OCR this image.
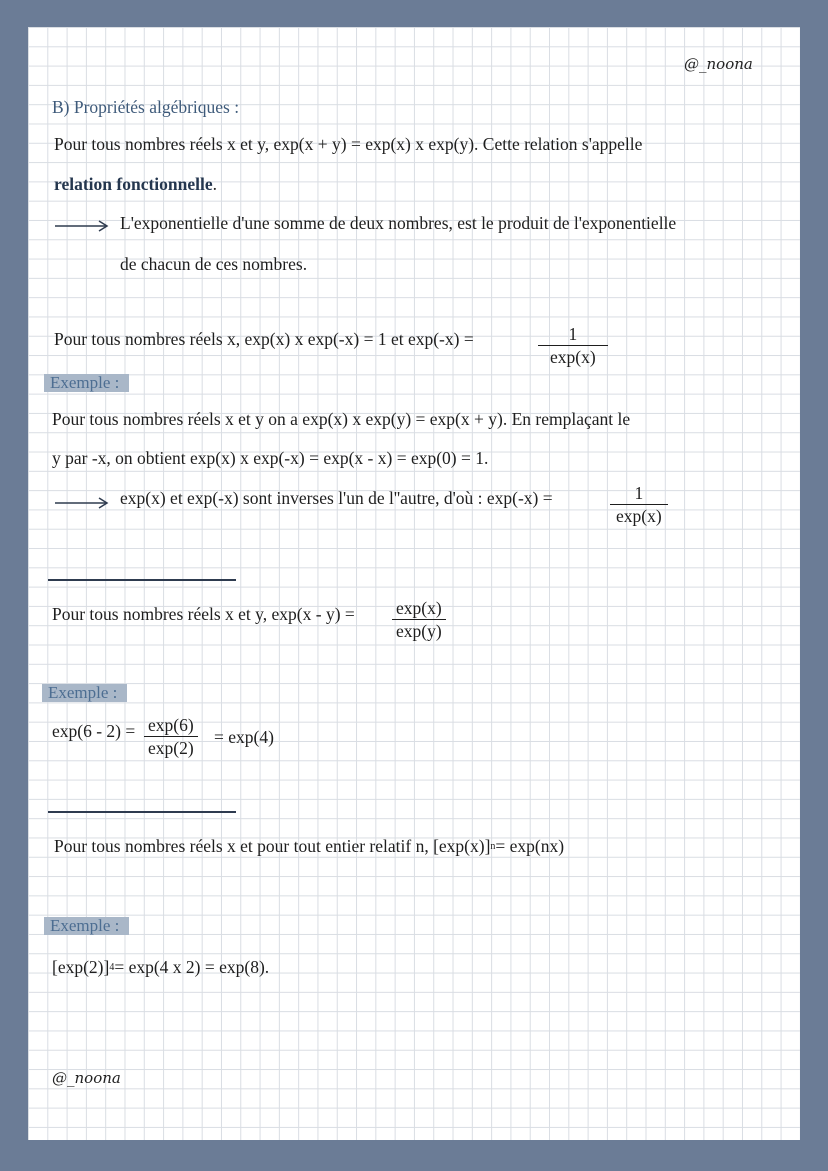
@_noona
B) Propriétés algébriques :
Pour tous nombres réels x et y, exp(x + y) = exp(x) x exp(y). Cette relation s'appelle
relation fonctionnelle.
L'exponentielle d'une somme de deux nombres, est le produit de l'exponentielle
de chacun de ces nombres.
Pour tous nombres réels x, exp(x) x exp(-x) = 1 et exp(-x) =	$\frac{1}{\exp(x)}$
Exemple :
Pour tous nombres réels x et y on a exp(x) x exp(y) = exp(x + y). En remplaçant le
y par -x, on obtient exp(x) x exp(-x) = exp(x - x) = exp(0) = 1.
exp(x) et exp(-x) sont inverses l'un de l''autre, d'où : exp(-x) =	$\frac{1}{\exp(x)}$
Pour tous nombres réels x et y, $\exp(x - y) = \frac{\exp(x)}{\exp(y)}$
Exemple :
$\exp(6 - 2) = \frac{\exp(6)}{\exp(2)} = \exp(4)$
Pour tous nombres réels x et pour tout entier relatif n, $[\exp(x)]^n= \exp(nx)$
Exemple :
$[\exp(2)]^4= \exp(4$ x 2) = exp(8).
@_noona
